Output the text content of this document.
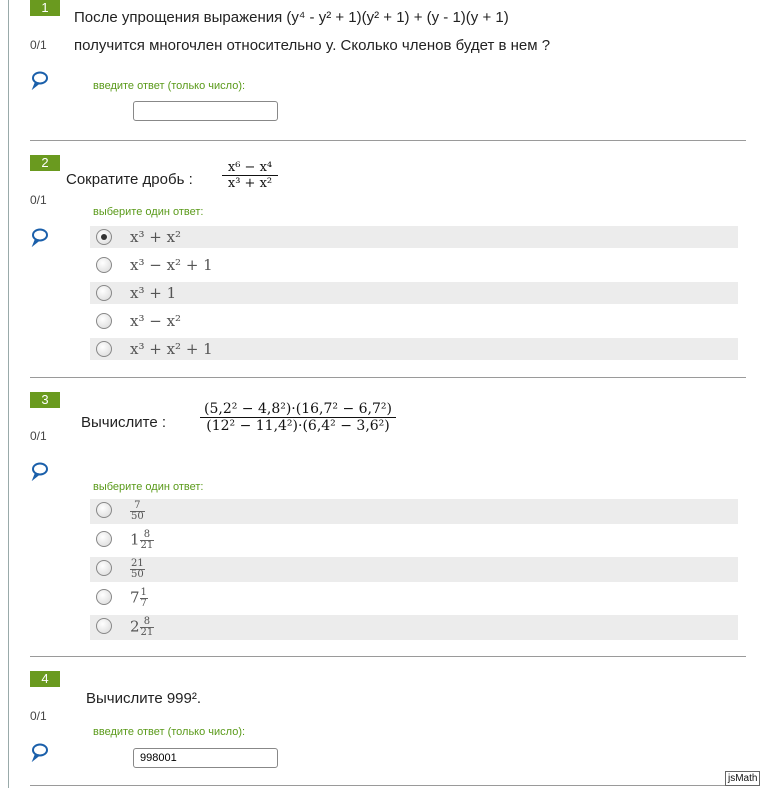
1
После упрощения выражения (y⁴ - y² + 1)(y² + 1) + (y - 1)(y + 1)
0/1 получится многочлен относительно y. Сколько членов будет в нем ?
введите ответ (только число):
2
Сократите дробь : $\frac{\text{x⁶ − x⁴}}{\text{x³ + x²}}$
0/1
выберите один ответ:
x³ + x²
x³ − x² + 1
x³ + 1
x³ − x²
x³ + x² + 1
3
Вычислите : $\frac{\text{(5,2² − 4,8²)·(16,7² − 6,7²)}}{\text{(12² − 11,4²)·(6,4² − 3,6²)}}$
0/1
выберите один ответ:
$\frac{7}{50}$
$1 \frac{8}{21}$
$\frac{21}{50}$
$7 \frac{1}{7}$
$2 \frac{8}{21}$
4
Вычислите 999².
0/1
введите ответ (только число):
998001
jsMath
